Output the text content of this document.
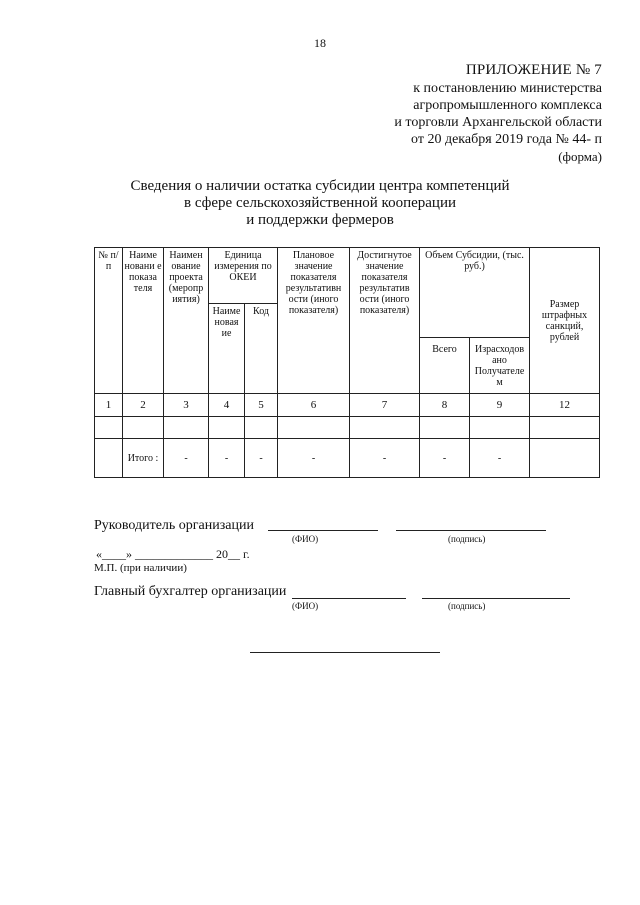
18
ПРИЛОЖЕНИЕ № 7
к постановлению министерства
агропромышленного комплекса
и торговли Архангельской области
от 20 декабря 2019 года № 44- п
(форма)
Сведения о наличии остатка субсидии центра компетенций
в сфере сельскохозяйственной кооперации
и поддержки фермеров
№ п/п	Наиме новани е показа теля	Наимен ование проекта (меропр иятия)	Единица измерения по ОКЕИ		Плановое значение показателя результативн ости (иного показателя)	Достигнутое значение показателя результатив ости (иного показателя)	Объем Субсидии, (тыс. руб.)		Размер штрафных санкций, рублей
			Наиме новая ие	Код					
							Всего	Израсходов ано Получателе м	
1	2	3	4	5	6	7	8	9	12

	Итого :	-	-	-	-	-	-	-	
Руководитель организации
(ФИО)	(подпись)
«____» _____________ 20__ г.
М.П. (при наличии)
Главный бухгалтер организации
(ФИО)	(подпись)
